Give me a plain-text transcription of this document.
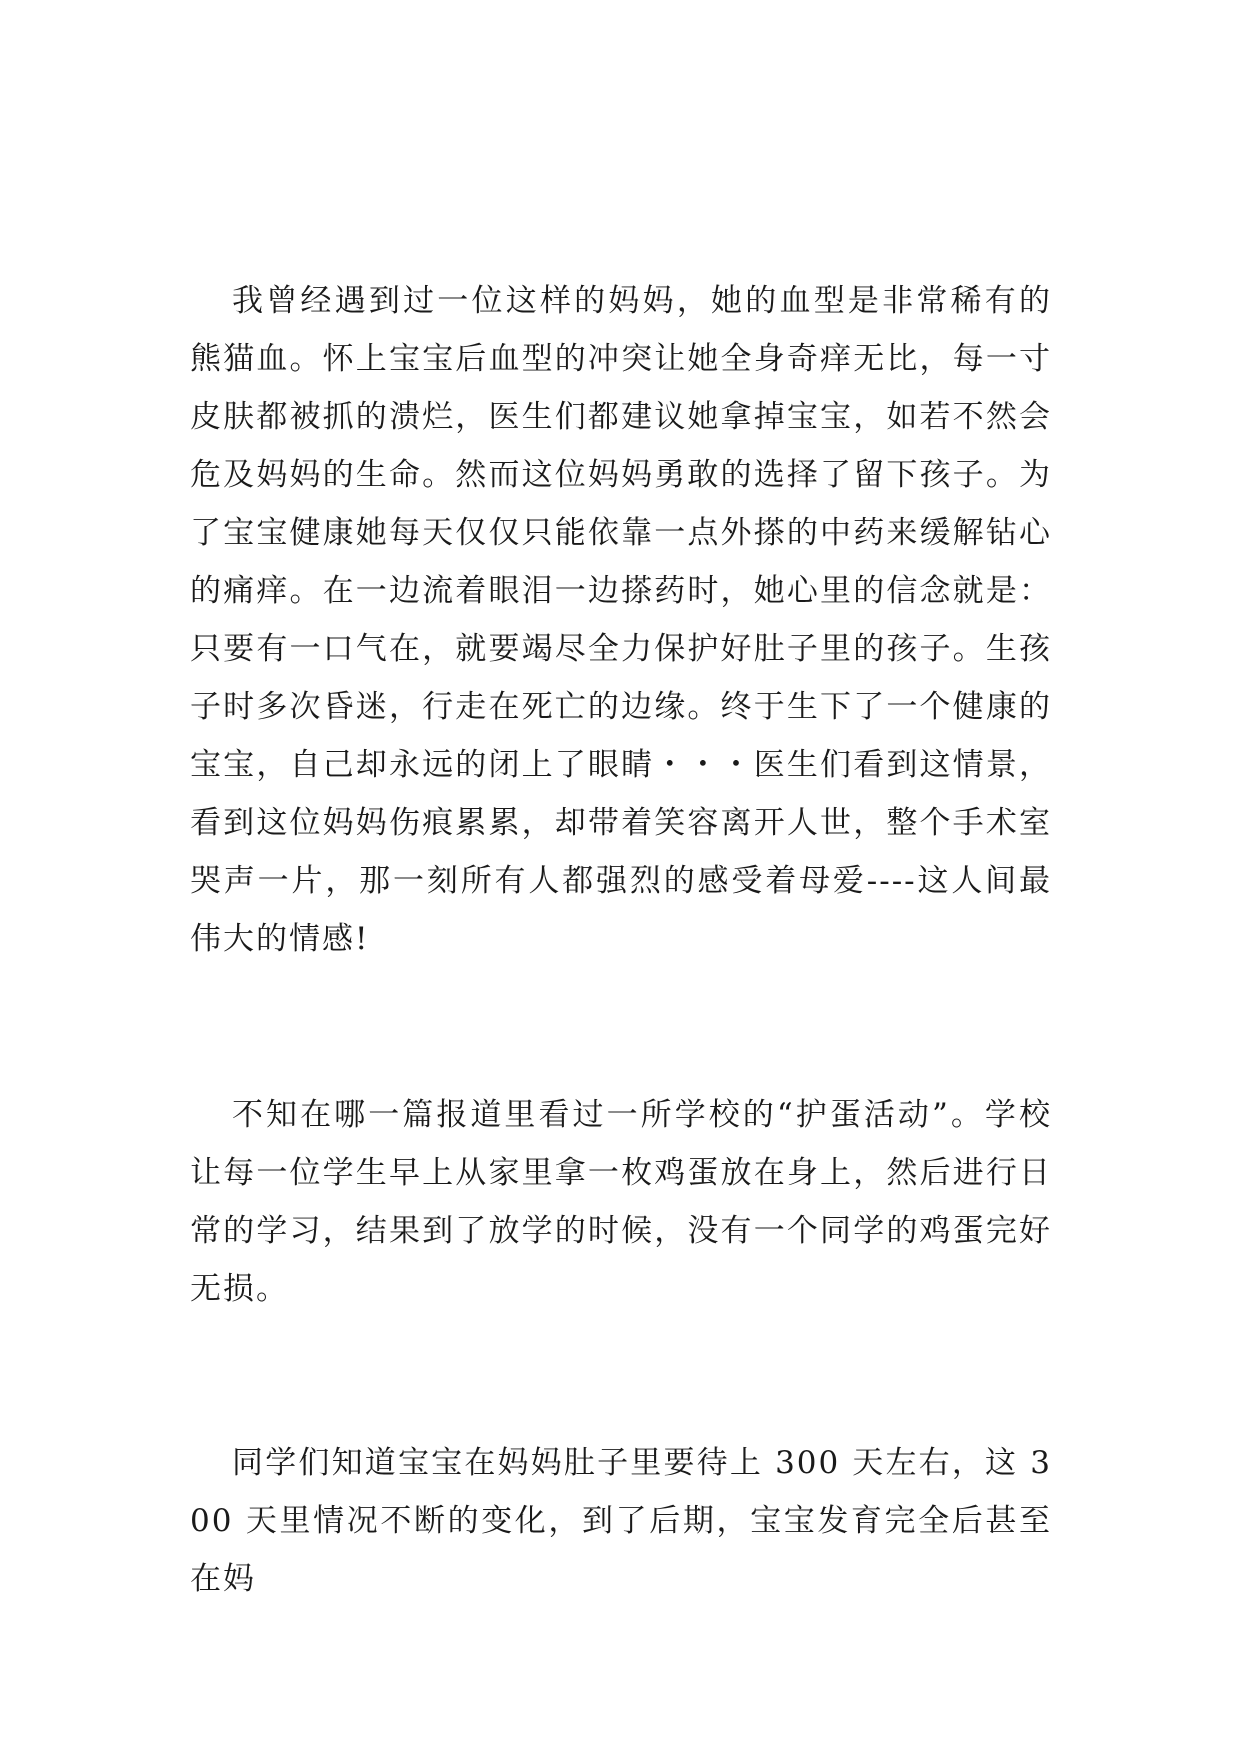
我曾经遇到过一位这样的妈妈，她的血型是非常稀有的熊猫血。怀上宝宝后血型的冲突让她全身奇痒无比，每一寸皮肤都被抓的溃烂，医生们都建议她拿掉宝宝，如若不然会危及妈妈的生命。然而这位妈妈勇敢的选择了留下孩子。为了宝宝健康她每天仅仅只能依靠一点外搽的中药来缓解钻心的痛痒。在一边流着眼泪一边搽药时，她心里的信念就是：只要有一口气在，就要竭尽全力保护好肚子里的孩子。生孩子时多次昏迷，行走在死亡的边缘。终于生下了一个健康的宝宝，自己却永远的闭上了眼睛・・・医生们看到这情景，看到这位妈妈伤痕累累，却带着笑容离开人世，整个手术室哭声一片，那一刻所有人都强烈的感受着母爱----这人间最伟大的情感!

不知在哪一篇报道里看过一所学校的“护蛋活动”。学校让每一位学生早上从家里拿一枚鸡蛋放在身上，然后进行日常的学习，结果到了放学的时候，没有一个同学的鸡蛋完好无损。

同学们知道宝宝在妈妈肚子里要待上 300 天左右，这 300 天里情况不断的变化，到了后期，宝宝发育完全后甚至在妈
